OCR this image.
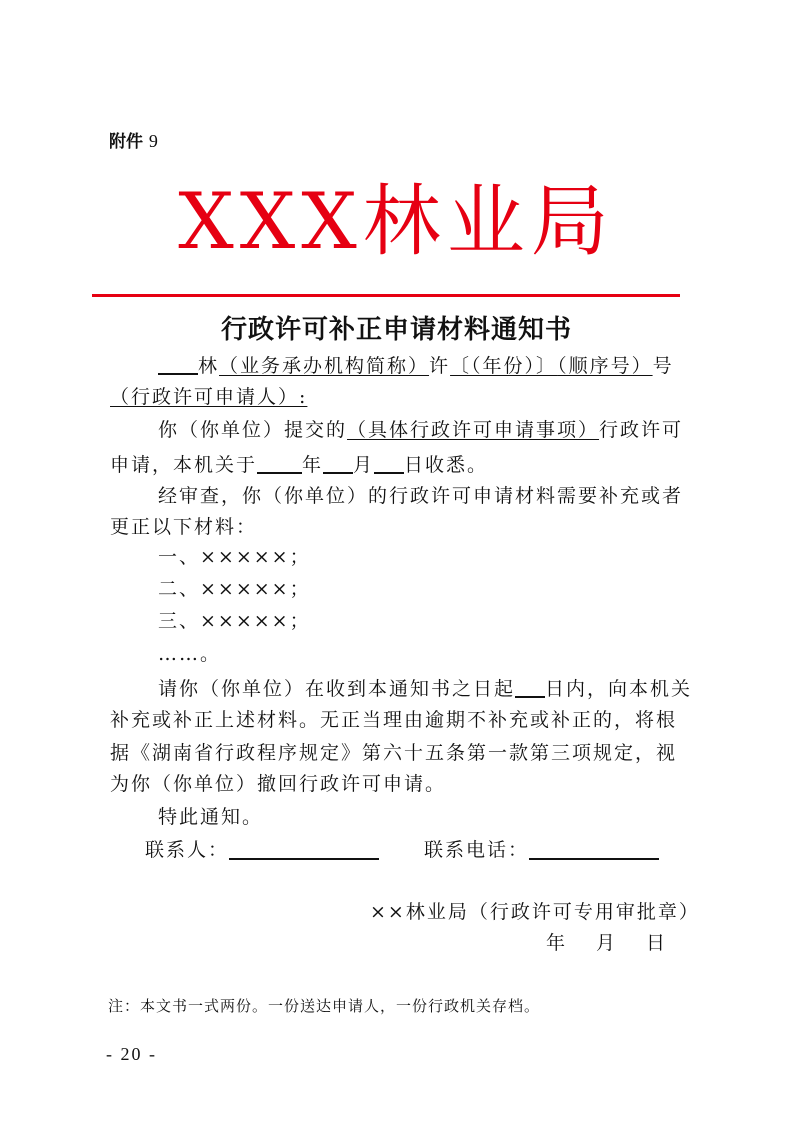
附件 9
XXX林业局
行政许可补正申请材料通知书
林（业务承办机构简称）许〔（年份）〕（顺序号）号
（行政许可申请人）:
你（你单位）提交的（具体行政许可申请事项）行政许可
申请，本机关于 年 月 日收悉。
经审查，你（你单位）的行政许可申请材料需要补充或者
更正以下材料：
一、×××××；
二、×××××；
三、×××××；
……。
请你（你单位）在收到本通知书之日起 日内，向本机关
补充或补正上述材料。无正当理由逾期不补充或补正的，将根
据《湖南省行政程序规定》第六十五条第一款第三项规定，视
为你（你单位）撤回行政许可申请。
特此通知。
联系人：	联系电话：
××林业局（行政许可专用审批章）
年　月　日
注：本文书一式两份。一份送达申请人，一份行政机关存档。
- 20 -
